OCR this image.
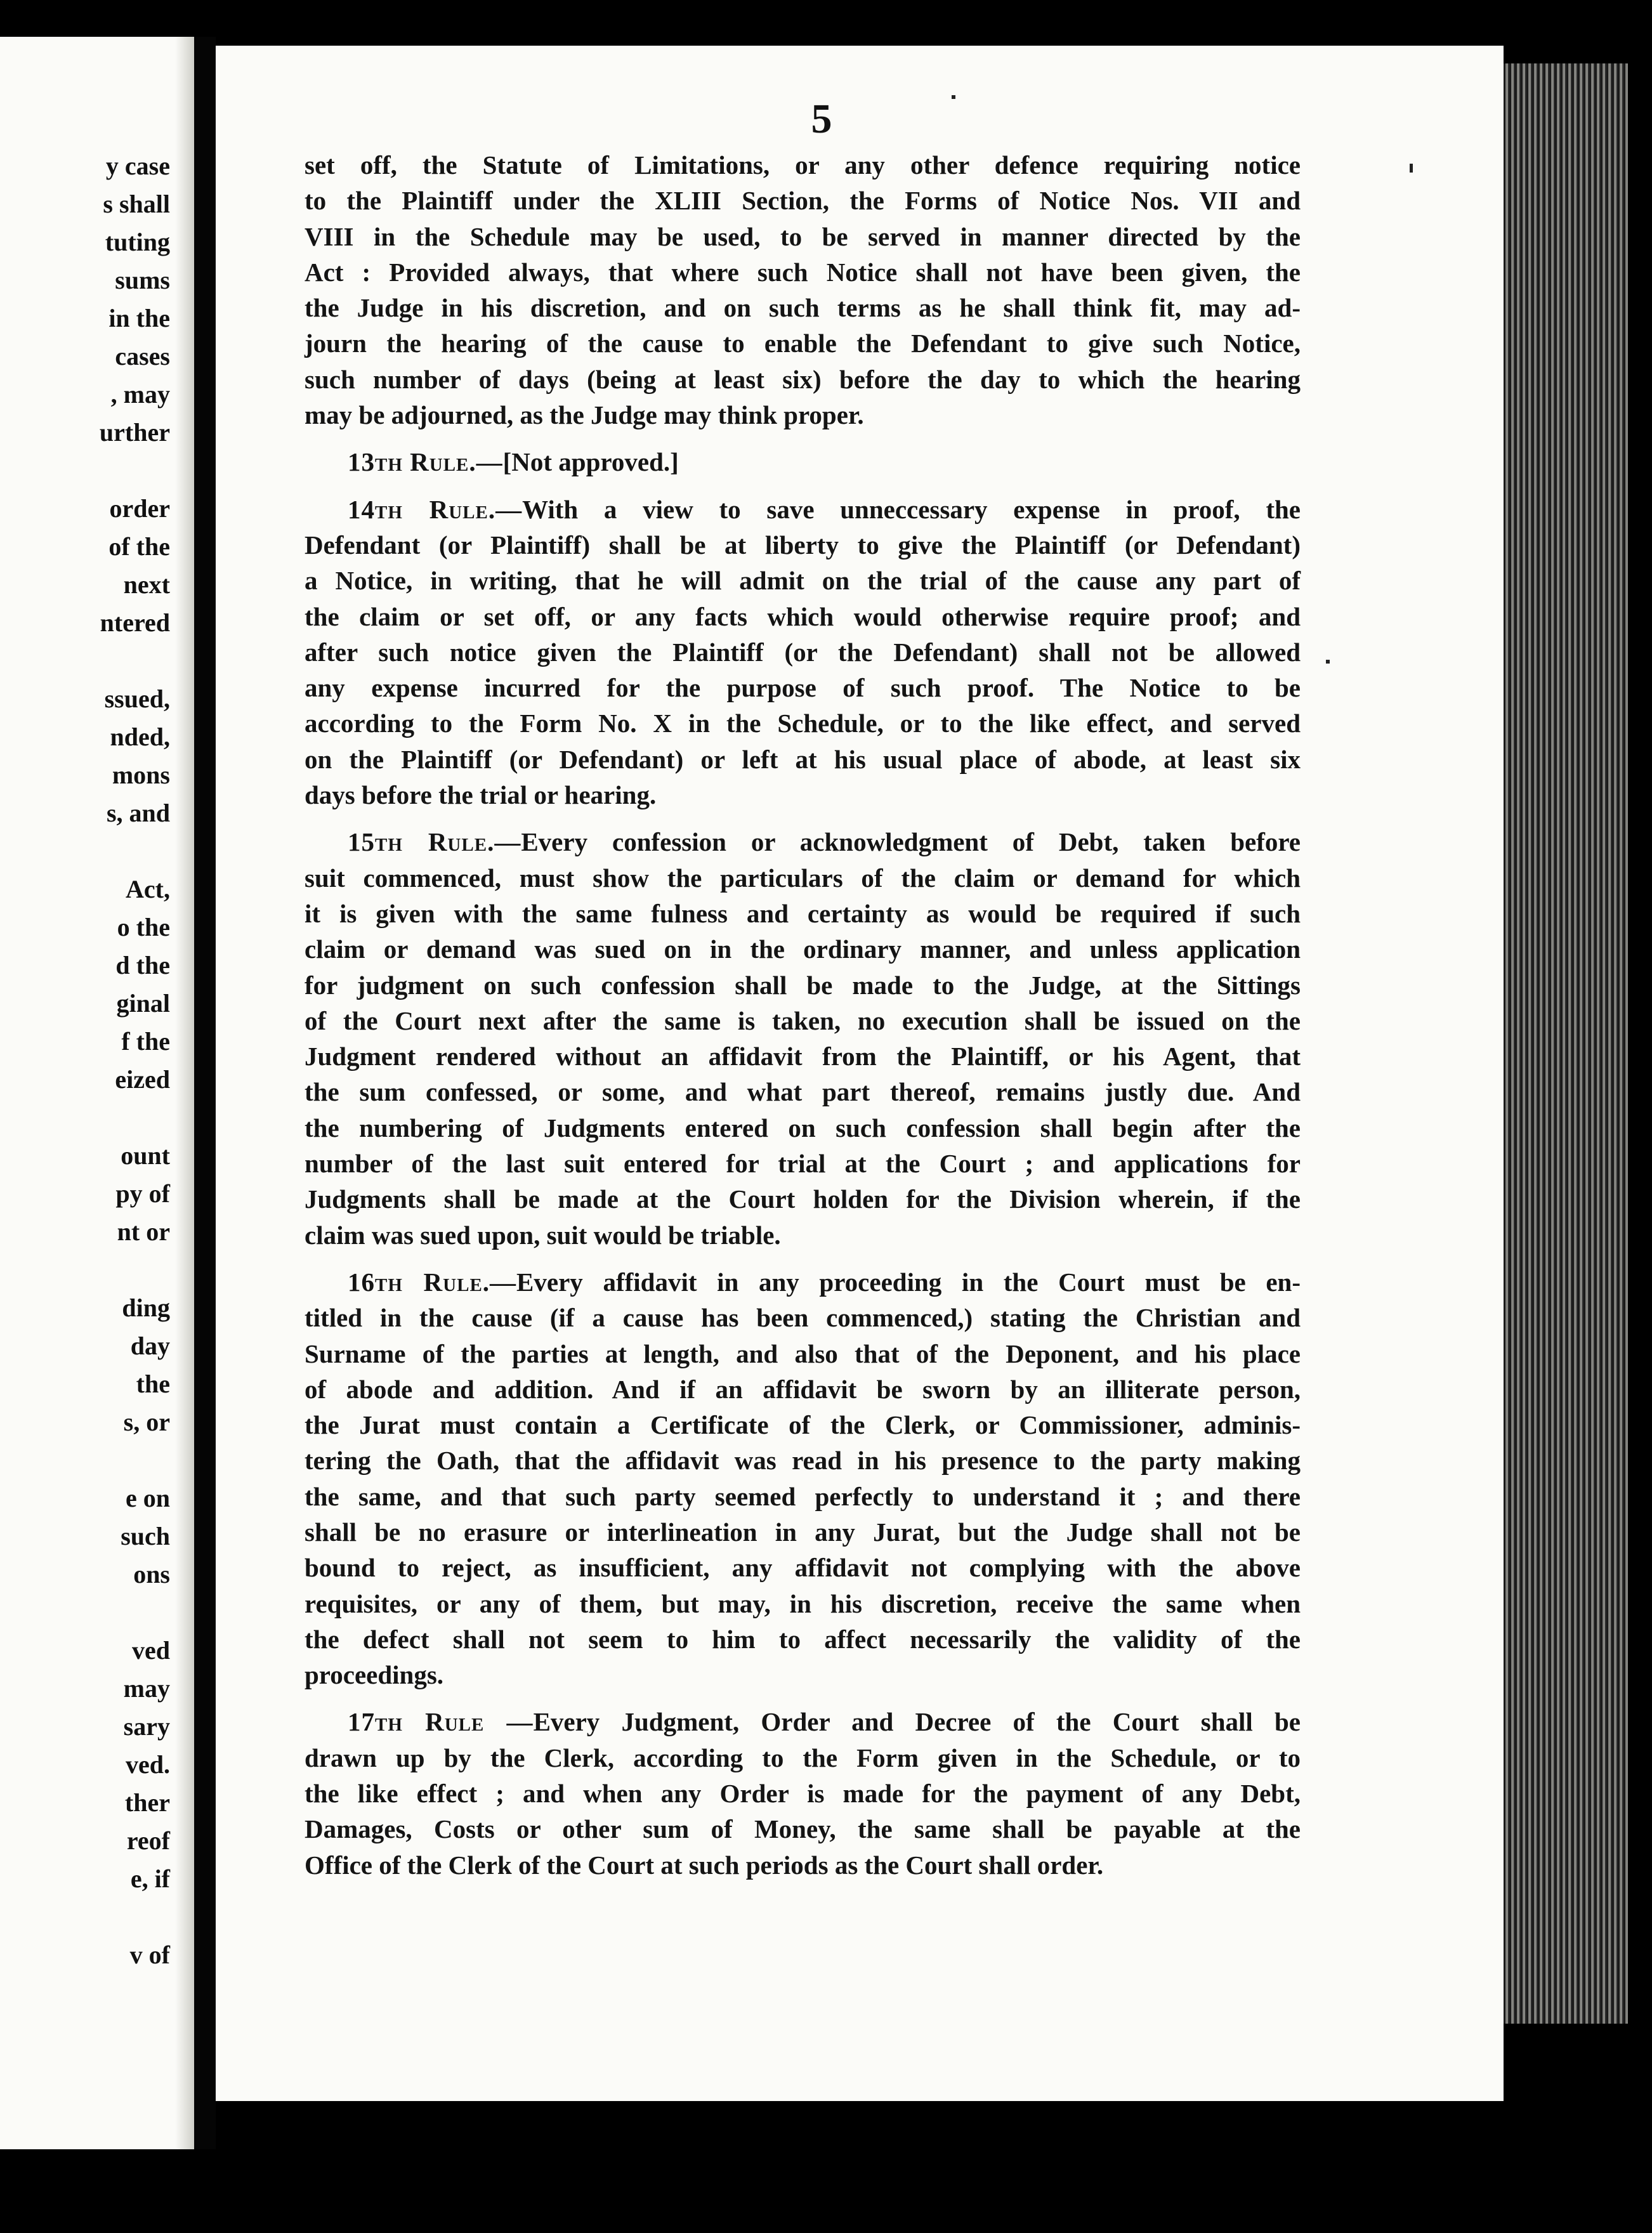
y case
s shall
tuting
sums
in the
cases
, may
urther
order
of the
next
ntered
ssued,
nded,
mons
s, and
Act,
o the
d the
ginal
f the
eized
ount
py of
nt or
ding
day
the
s, or
e on
such
ons
ved
may
sary
ved.
ther
reof
e, if
v of
5
set off, the Statute of Limitations, or any other defence requiring notice
to the Plaintiff under the XLIII Section, the Forms of Notice Nos. VII and
VIII in the Schedule may be used, to be served in manner directed by the
Act : Provided always, that where such Notice shall not have been given, the
the Judge in his discretion, and on such terms as he shall think fit, may ad-
journ the hearing of the cause to enable the Defendant to give such Notice,
such number of days (being at least six) before the day to which the hearing
may be adjourned, as the Judge may think proper.
13th Rule.—[Not approved.]
14th Rule.—With a view to save unneccessary expense in proof, the
Defendant (or Plaintiff) shall be at liberty to give the Plaintiff (or Defendant)
a Notice, in writing, that he will admit on the trial of the cause any part of
the claim or set off, or any facts which would otherwise require proof; and
after such notice given the Plaintiff (or the Defendant) shall not be allowed
any expense incurred for the purpose of such proof. The Notice to be
according to the Form No. X in the Schedule, or to the like effect, and served
on the Plaintiff (or Defendant) or left at his usual place of abode, at least six
days before the trial or hearing.
15th Rule.—Every confession or acknowledgment of Debt, taken before
suit commenced, must show the particulars of the claim or demand for which
it is given with the same fulness and certainty as would be required if such
claim or demand was sued on in the ordinary manner, and unless application
for judgment on such confession shall be made to the Judge, at the Sittings
of the Court next after the same is taken, no execution shall be issued on the
Judgment rendered without an affidavit from the Plaintiff, or his Agent, that
the sum confessed, or some, and what part thereof, remains justly due. And
the numbering of Judgments entered on such confession shall begin after the
number of the last suit entered for trial at the Court ; and applications for
Judgments shall be made at the Court holden for the Division wherein, if the
claim was sued upon, suit would be triable.
16th Rule.—Every affidavit in any proceeding in the Court must be en-
titled in the cause (if a cause has been commenced,) stating the Christian and
Surname of the parties at length, and also that of the Deponent, and his place
of abode and addition. And if an affidavit be sworn by an illiterate person,
the Jurat must contain a Certificate of the Clerk, or Commissioner, adminis-
tering the Oath, that the affidavit was read in his presence to the party making
the same, and that such party seemed perfectly to understand it ; and there
shall be no erasure or interlineation in any Jurat, but the Judge shall not be
bound to reject, as insufficient, any affidavit not complying with the above
requisites, or any of them, but may, in his discretion, receive the same when
the defect shall not seem to him to affect necessarily the validity of the
proceedings.
17th Rule —Every Judgment, Order and Decree of the Court shall be
drawn up by the Clerk, according to the Form given in the Schedule, or to
the like effect ; and when any Order is made for the payment of any Debt,
Damages, Costs or other sum of Money, the same shall be payable at the
Office of the Clerk of the Court at such periods as the Court shall order.
